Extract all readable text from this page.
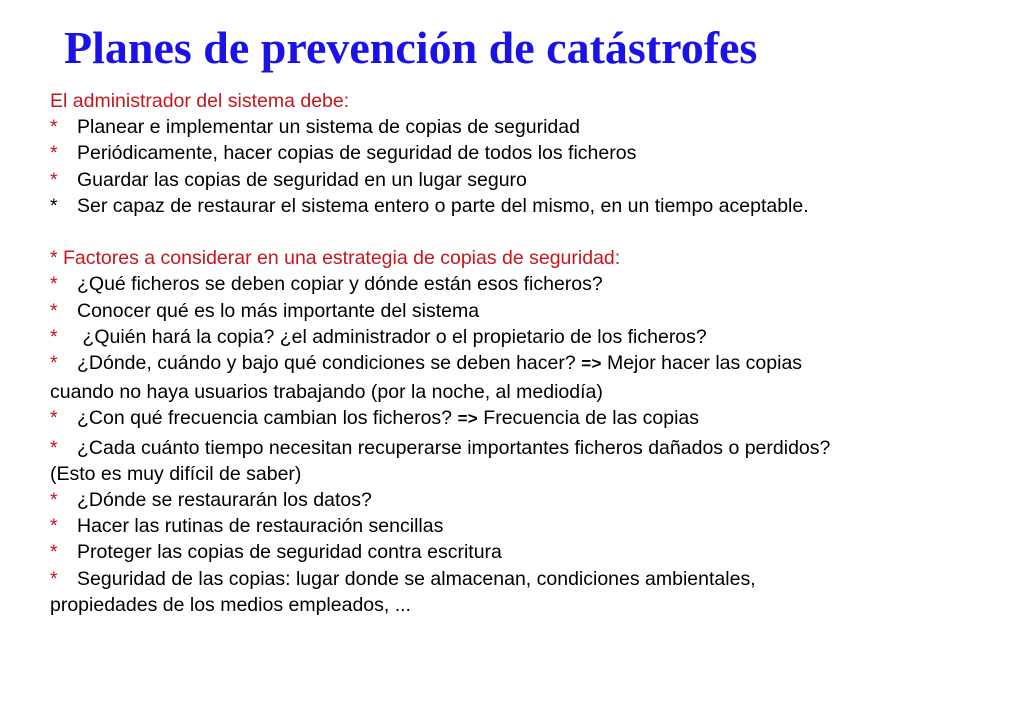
Planes de prevención de catástrofes
El administrador del sistema debe:
* Planear e implementar un sistema de copias de seguridad
* Periódicamente, hacer copias de seguridad de todos los ficheros
* Guardar las copias de seguridad en un lugar seguro
* Ser capaz de restaurar el sistema entero o parte del mismo, en un tiempo aceptable.
* Factores a considerar en una estrategia de copias de seguridad:
* ¿Qué ficheros se deben copiar y dónde están esos ficheros?
* Conocer qué es lo más importante del sistema
* ¿Quién hará la copia? ¿el administrador o el propietario de los ficheros?
* ¿Dónde, cuándo y bajo qué condiciones se deben hacer? => Mejor hacer las copias
cuando no haya usuarios trabajando (por la noche, al mediodía)
* ¿Con qué frecuencia cambian los ficheros? => Frecuencia de las copias
* ¿Cada cuánto tiempo necesitan recuperarse importantes ficheros dañados o perdidos?
(Esto es muy difícil de saber)
* ¿Dónde se restaurarán los datos?
* Hacer las rutinas de restauración sencillas
* Proteger las copias de seguridad contra escritura
* Seguridad de las copias: lugar donde se almacenan, condiciones ambientales,
propiedades de los medios empleados, ...
